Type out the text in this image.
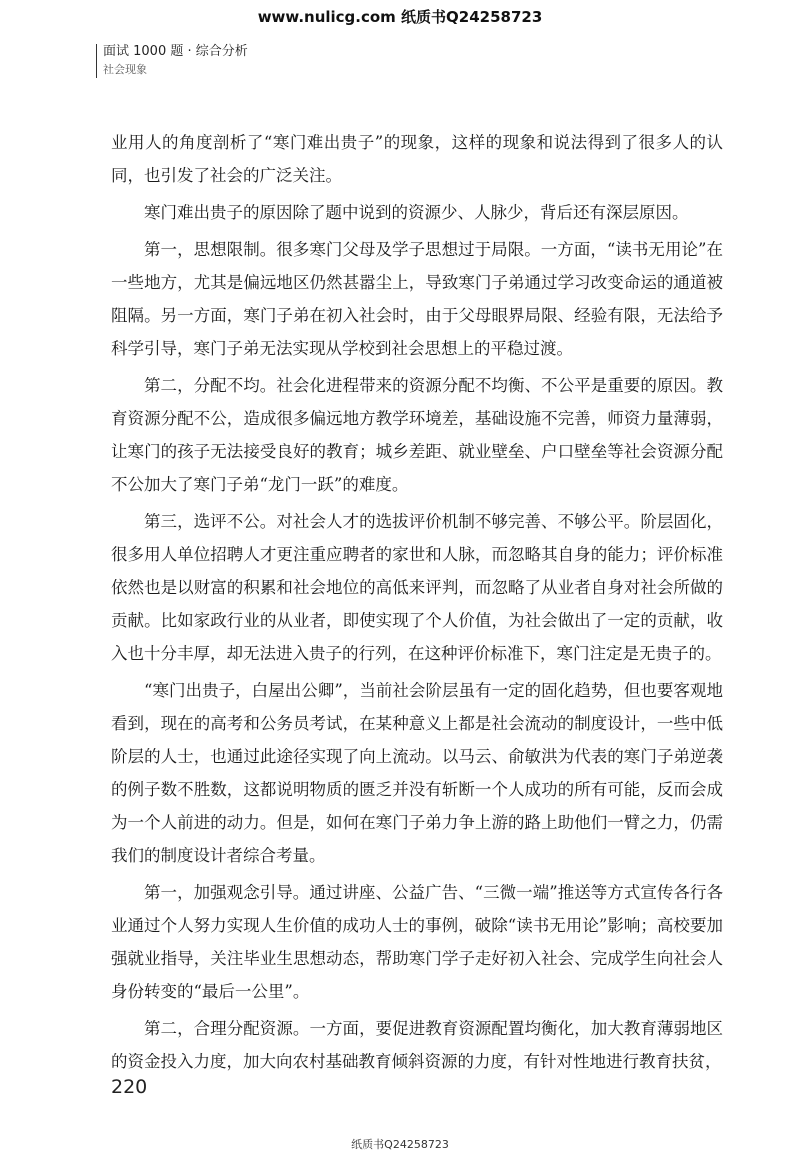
www.nulicg.com 纸质书Q24258723
面试 1000 题 · 综合分析
社会现象

业用人的角度剖析了“寒门难出贵子”的现象，这样的现象和说法得到了很多人的认同，也引发了社会的广泛关注。

寒门难出贵子的原因除了题中说到的资源少、人脉少，背后还有深层原因。

第一，思想限制。很多寒门父母及学子思想过于局限。一方面，“读书无用论”在一些地方，尤其是偏远地区仍然甚嚣尘上，导致寒门子弟通过学习改变命运的通道被阻隔。另一方面，寒门子弟在初入社会时，由于父母眼界局限、经验有限，无法给予科学引导，寒门子弟无法实现从学校到社会思想上的平稳过渡。

第二，分配不均。社会化进程带来的资源分配不均衡、不公平是重要的原因。教育资源分配不公，造成很多偏远地方教学环境差，基础设施不完善，师资力量薄弱，让寒门的孩子无法接受良好的教育；城乡差距、就业壁垒、户口壁垒等社会资源分配不公加大了寒门子弟“龙门一跃”的难度。

第三，选评不公。对社会人才的选拔评价机制不够完善、不够公平。阶层固化，很多用人单位招聘人才更注重应聘者的家世和人脉，而忽略其自身的能力；评价标准依然也是以财富的积累和社会地位的高低来评判，而忽略了从业者自身对社会所做的贡献。比如家政行业的从业者，即使实现了个人价值，为社会做出了一定的贡献，收入也十分丰厚，却无法进入贵子的行列，在这种评价标准下，寒门注定是无贵子的。

“寒门出贵子，白屋出公卿”，当前社会阶层虽有一定的固化趋势，但也要客观地看到，现在的高考和公务员考试，在某种意义上都是社会流动的制度设计，一些中低阶层的人士，也通过此途径实现了向上流动。以马云、俞敏洪为代表的寒门子弟逆袭的例子数不胜数，这都说明物质的匮乏并没有斩断一个人成功的所有可能，反而会成为一个人前进的动力。但是，如何在寒门子弟力争上游的路上助他们一臂之力，仍需我们的制度设计者综合考量。

第一，加强观念引导。通过讲座、公益广告、“三微一端”推送等方式宣传各行各业通过个人努力实现人生价值的成功人士的事例，破除“读书无用论”影响；高校要加强就业指导，关注毕业生思想动态，帮助寒门学子走好初入社会、完成学生向社会人身份转变的“最后一公里”。

第二，合理分配资源。一方面，要促进教育资源配置均衡化，加大教育薄弱地区的资金投入力度，加大向农村基础教育倾斜资源的力度，有针对性地进行教育扶贫，

220
纸质书Q24258723
